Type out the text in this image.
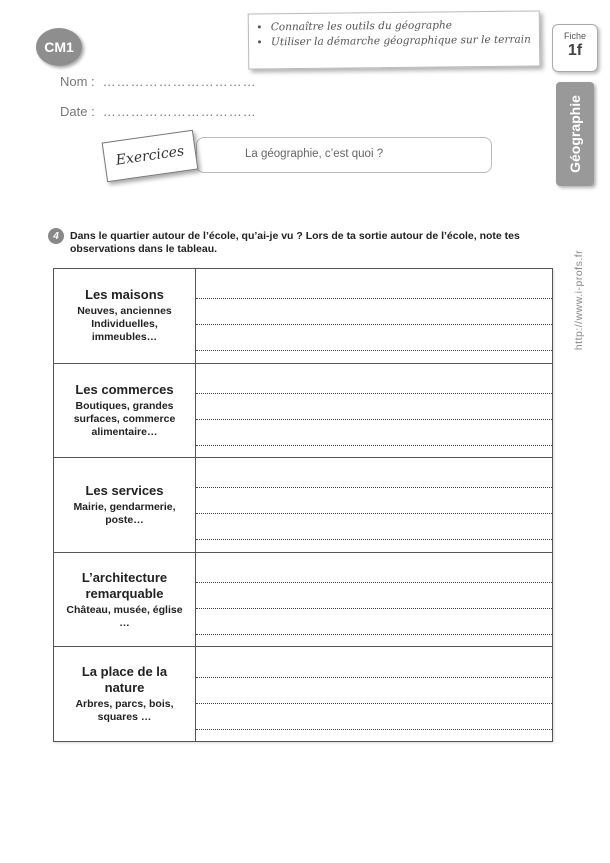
CM1
Nom : ……………………………
Date : ……………………………
• Connaître les outils du géographe
• Utiliser la démarche géographique sur le terrain	Fiche
1f
Géographie
http://www.i-profs.fr
La géographie, c’est quoi ?
Exercices
4	Dans le quartier autour de l’école, qu’ai-je vu ? Lors de ta sortie autour de l’école, note tes observations dans le tableau.
Les maisons
Neuves, anciennes Individuelles, immeubles…	

Les commerces
Boutiques, grandes surfaces, commerce alimentaire…	

Les services
Mairie, gendarmerie, poste…	

L’architecture remarquable
Château, musée, église …	

La place de la nature
Arbres, parcs, bois, squares …	
